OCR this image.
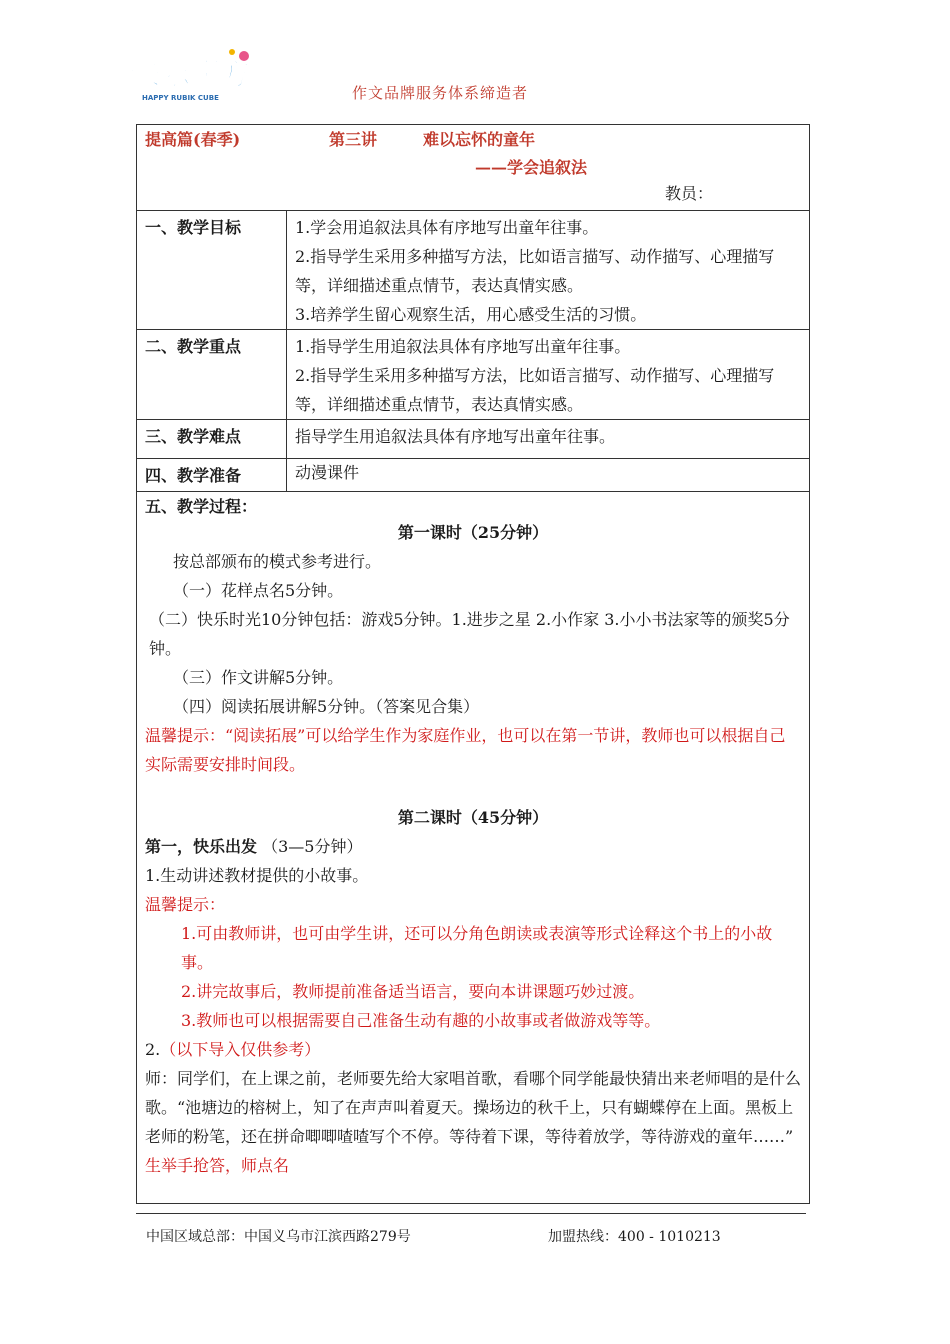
快乐魔方
HAPPY RUBIK CUBE	作文品牌服务体系缔造者
提高篇(春季)	第三讲	难以忘怀的童年
——学会追叙法
教员：
一、教学目标	1.学会用追叙法具体有序地写出童年往事。
2.指导学生采用多种描写方法，比如语言描写、动作描写、心理描写等，详细描述重点情节，表达真情实感。
3.培养学生留心观察生活，用心感受生活的习惯。
二、教学重点	1.指导学生用追叙法具体有序地写出童年往事。
2.指导学生采用多种描写方法，比如语言描写、动作描写、心理描写等，详细描述重点情节，表达真情实感。
三、教学难点	指导学生用追叙法具体有序地写出童年往事。
四、教学准备	动漫课件
五、教学过程：
第一课时（25分钟）
按总部颁布的模式参考进行。
（一）花样点名5分钟。
（二）快乐时光10分钟包括：游戏5分钟。1.进步之星 2.小作家 3.小小书法家等的颁奖5分钟。
（三）作文讲解5分钟。
（四）阅读拓展讲解5分钟。（答案见合集）
温馨提示：“阅读拓展”可以给学生作为家庭作业，也可以在第一节讲，教师也可以根据自己实际需要安排时间段。
第二课时（45分钟）
第一，快乐出发 （3—5分钟）
1.生动讲述教材提供的小故事。
温馨提示：
1.可由教师讲，也可由学生讲，还可以分角色朗读或表演等形式诠释这个书上的小故事。
2.讲完故事后，教师提前准备适当语言，要向本讲课题巧妙过渡。
3.教师也可以根据需要自己准备生动有趣的小故事或者做游戏等等。
2.（以下导入仅供参考）
师：同学们，在上课之前，老师要先给大家唱首歌，看哪个同学能最快猜出来老师唱的是什么歌。“池塘边的榕树上，知了在声声叫着夏天。操场边的秋千上，只有蝴蝶停在上面。黑板上老师的粉笔，还在拼命唧唧喳喳写个不停。等待着下课，等待着放学，等待游戏的童年……”
生举手抢答，师点名
中国区域总部：中国义乌市江滨西路279号	加盟热线：400 - 1010213
